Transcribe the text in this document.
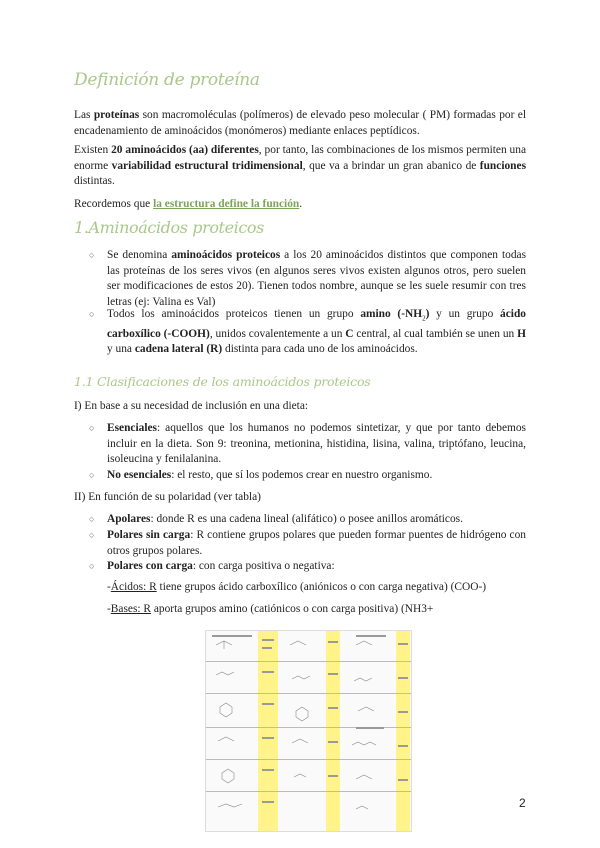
Definición de proteína
Las proteínas son macromoléculas (polímeros) de elevado peso molecular ( PM) formadas por el encadenamiento de aminoácidos (monómeros) mediante enlaces peptídicos.
Existen 20 aminoácidos (aa) diferentes, por tanto, las combinaciones de los mismos permiten una enorme variabilidad estructural tridimensional, que va a brindar un gran abanico de funciones distintas.
Recordemos que la estructura define la función.
1.Aminoácidos proteicos
○ Se denomina aminoácidos proteicos a los 20 aminoácidos distintos que componen todas las proteínas de los seres vivos (en algunos seres vivos existen algunos otros, pero suelen ser modificaciones de estos 20). Tienen todos nombre, aunque se les suele resumir con tres letras (ej: Valina es Val)
○ Todos los aminoácidos proteicos tienen un grupo amino $(-NH_2)$ y un grupo ácido carboxílico (-COOH), unidos covalentemente a un C central, al cual también se unen un H y una cadena lateral (R) distinta para cada uno de los aminoácidos.
1.1 Clasificaciones de los aminoácidos proteicos
I) En base a su necesidad de inclusión en una dieta:
○ Esenciales: aquellos que los humanos no podemos sintetizar, y que por tanto debemos incluir en la dieta. Son 9: treonina, metionina, histidina, lisina, valina, triptófano, leucina, isoleucina y fenilalanina.
○ No esenciales: el resto, que sí los podemos crear en nuestro organismo.
II) En función de su polaridad (ver tabla)
○ Apolares: donde R es una cadena lineal (alifático) o posee anillos aromáticos.
○ Polares sin carga: R contiene grupos polares que pueden formar puentes de hidrógeno con otros grupos polares.
○ Polares con carga: con carga positiva o negativa:
-Ácidos: R tiene grupos ácido carboxílico (aniónicos o con carga negativa) (COO-)
-Bases: R aporta grupos amino (catiónicos o con carga positiva) (NH3+
2
